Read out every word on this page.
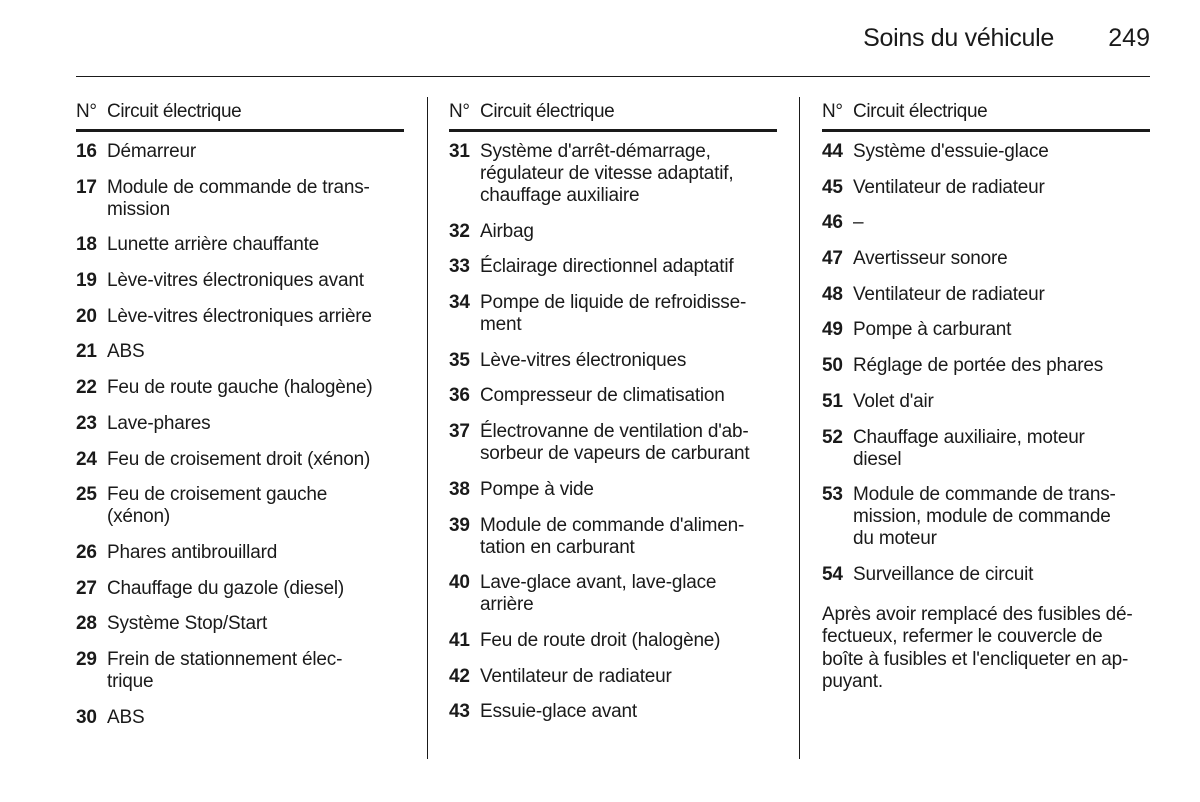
Soins du véhicule 249
N° Circuit électrique
16 Démarreur
17 Module de commande de trans-
mission
18 Lunette arrière chauffante
19 Lève-vitres électroniques avant
20 Lève-vitres électroniques arrière
21 ABS
22 Feu de route gauche (halogène)
23 Lave-phares
24 Feu de croisement droit (xénon)
25 Feu de croisement gauche
(xénon)
26 Phares antibrouillard
27 Chauffage du gazole (diesel)
28 Système Stop/Start
29 Frein de stationnement élec-
trique
30 ABS
N° Circuit électrique
31 Système d'arrêt-démarrage,
régulateur de vitesse adaptatif,
chauffage auxiliaire
32 Airbag
33 Éclairage directionnel adaptatif
34 Pompe de liquide de refroidisse-
ment
35 Lève-vitres électroniques
36 Compresseur de climatisation
37 Électrovanne de ventilation d'ab-
sorbeur de vapeurs de carburant
38 Pompe à vide
39 Module de commande d'alimen-
tation en carburant
40 Lave-glace avant, lave-glace
arrière
41 Feu de route droit (halogène)
42 Ventilateur de radiateur
43 Essuie-glace avant
N° Circuit électrique
44 Système d'essuie-glace
45 Ventilateur de radiateur
46 –
47 Avertisseur sonore
48 Ventilateur de radiateur
49 Pompe à carburant
50 Réglage de portée des phares
51 Volet d'air
52 Chauffage auxiliaire, moteur
diesel
53 Module de commande de trans-
mission, module de commande
du moteur
54 Surveillance de circuit
Après avoir remplacé des fusibles dé-
fectueux, refermer le couvercle de
boîte à fusibles et l'encliqueter en ap-
puyant.
